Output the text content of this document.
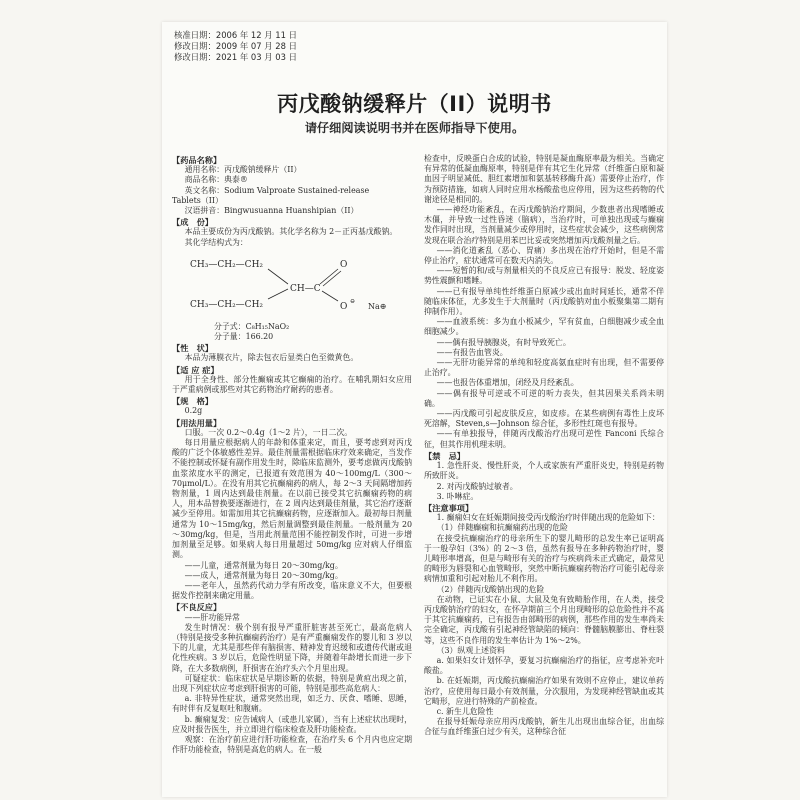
核准日期：2006 年 12 月 11 日
修改日期：2009 年 07 月 28 日
修改日期：2021 年 03 月 03 日
丙戊酸钠缓释片（II）说明书
请仔细阅读说明书并在医师指导下使用。
【药品名称】
通用名称：丙戊酸钠缓释片（II）
商品名称：典泰®
英文名称：Sodium Valproate Sustained-release
Tablets（II）
汉语拼音：Bingwusuanna Huanshipian（II）
【成　份】
本品主要成份为丙戊酸钠。其化学名称为 2－正丙基戊酸钠。
其化学结构式为：
CH₃—CH₂—CH₂
CH₃—CH₂—CH₂
CH—C
O
O
⊖
Na⊕
分子式：C₈H₁₅NaO₂
分子量：166.20
【性　状】
本品为薄膜衣片，除去包衣后显类白色至微黄色。
【适 应 症】
用于全身性、部分性癫痫或其它癫痫的治疗。在哺乳期妇女应用于严重病例或那些对其它药物治疗耐药的患者。
【规　格】
0.2g
【用法用量】
口服。一次 0.2～0.4g（1～2 片），一日二次。
每日用量应根据病人的年龄和体重来定，而且，要考虑到对丙戊酸的广泛个体敏感性差异。最佳剂量需根据临床疗效来确定，当发作不能控制或怀疑有副作用发生时，除临床监测外，要考虑做丙戊酸钠血浆浓度水平的测定，已报道有效范围为 40～100mg/L（300～70μmol/L）。在没有用其它抗癫痫药的病人，每 2～3 天间隔增加药物剂量，1 周内达到最佳剂量。在以前已接受其它抗癫痫药物的病人，用本品替换要逐渐进行，在 2 周内达到最佳剂量，其它治疗逐渐减少至停用。如需加用其它抗癫痫药物，应逐渐加入。最初每日剂量通常为 10～15mg/kg，然后剂量调整到最佳剂量。一般剂量为 20～30mg/kg，但是，当用此剂量范围不能控制发作时，可进一步增加剂量至足够。如果病人每日用量超过 50mg/kg 应对病人仔细监测。
——儿童，通常剂量为每日 20～30mg/kg。
——成人，通常剂量为每日 20～30mg/kg。
——老年人，虽然药代动力学有所改变，临床意义不大，但要根据发作控制来确定用量。
【不良反应】
——肝功能异常
发生时情况：极个别有报导严重肝脏害甚至死亡，最高危病人（特别是接受多种抗癫痫药治疗）是有严重癫痫发作的婴儿和 3 岁以下的儿童，尤其是那些伴有脑损害、精神发育迟缓和或遗传代谢或退化性疾病。3 岁以后，危险性明显下降，并随着年龄增长而进一步下降，在大多数病例，肝损害在治疗头六个月里出现。
可疑症状：临床症状是早期诊断的依据，特别是黄疸出现之前，出现下列症状应考虑到肝损害的可能，特别是那些高危病人：
a. 非特异性症状，通常突然出现，如乏力、厌食、嗜睡、思睡，有时伴有反复呕吐和腹痛。
b. 癫痫复发：应告诫病人（或患儿家属），当有上述症状出现时，应及时报告医生，并立即进行临床检查及肝功能检查。
观察：在治疗前应进行肝功能检查，在治疗头 6 个月内也应定期作肝功能检查，特别是高危的病人。在一般
检查中，反映蛋白合成的试验，特别是凝血酶原率最为相关。当确定有异常的低凝血酶原率，特别是伴有其它生化异常（纤维蛋白原和凝血因子明显减低、胆红素增加和氨基转移酶升高）需要停止治疗，作为预防措施，如病人同时应用水杨酸盐也应停用，因为这些药物的代谢途径是相同的。
——神经功能紊乱，在丙戊酸钠治疗期间，少数患者出现嗜睡或木僵，并导致一过性昏迷（脑病），当治疗时，可单独出现或与癫痫发作同时出现，当剂量减少或停用时，这些症状会减少，这些病例常发现在联合治疗特别是用苯巴比妥或突然增加丙戊酸剂量之后。
——消化道紊乱（恶心、胃痛）多出现在治疗开始时，但是不需停止治疗，症状通常可在数天内消失。
——短暂的和/或与剂量相关的不良反应已有报导：脱发、轻度姿势性震颤和嗜睡。
——已有报导单纯性纤维蛋白原减少或出血时间延长，通常不伴随临床体征，尤多发生于大剂量时（丙戊酸钠对血小板聚集第二期有抑制作用）。
——血液系统：多为血小板减少，罕有贫血，白细胞减少或全血细胞减少。
——偶有报导胰腺炎，有时导致死亡。
——有报告血管炎。
——无肝功能异常的单纯和轻度高氨血症时有出现，但不需要停止治疗。
——也报告体重增加，闭经及月经紊乱。
——偶有报导可逆或不可逆的听力丧失，但其因果关系尚未明确。
——丙戊酸可引起皮肤反应，如皮疹。在某些病例有毒性上皮坏死溶解，Steven,s—Johnson 综合征，多形性红斑也有报导。
——有单独报导，伴随丙戊酸治疗出现可逆性 Fanconi 氏综合征，但其作用机理未明。
【禁　忌】
1. 急性肝炎、慢性肝炎，个人或家族有严重肝炎史，特别是药物所致肝炎。
2. 对丙戊酸钠过敏者。
3. 卟啉症。
【注意事项】
1. 癫痫妇女在妊娠期间接受丙戊酸治疗时伴随出现的危险如下：
（1）伴随癫痫和抗癫痫药出现的危险
在接受抗癫痫治疗的母亲所生下的婴儿畸形的总发生率已证明高于一般孕妇（3%）的 2～3 倍，虽然有报导在多种药物治疗时，婴儿畸形率增高，但是与畸形有关的治疗与疾病尚未正式确定，最常见的畸形为唇裂和心血管畸形，突然中断抗癫痫药物治疗可能引起母亲病情加重和引起对胎儿不利作用。
（2）伴随丙戊酸钠出现的危险
在动物，已证实在小鼠、大鼠及兔有致畸胎作用，在人类，接受丙戊酸钠治疗的妇女，在怀孕期前三个月出现畸形的总危险性并不高于其它抗癫痫药，已有报告由部畸形的病例，那些作用的发生率尚未完全确定，丙戊酸有引起神经管缺陷的倾向：脊髓脑膜膨出、脊柱裂等，这些不良作用的发生率估计为 1%～2%。
（3）纵观上述资料
a. 如果妇女计划怀孕，要复习抗癫痫治疗的指征，应考虑补充叶酸盐。
b. 在妊娠期，丙戊酸抗癫痫治疗如果有效则不应停止，建议单药治疗，应使用每日最小有效剂量，分次服用，为发现神经管缺血或其它畸形，应进行特殊的产前检查。
c. 新生儿危险性
在报导妊娠母亲应用丙戊酸钠，新生儿出现出血综合征，出血综合征与血纤维蛋白过少有关，这种综合征
